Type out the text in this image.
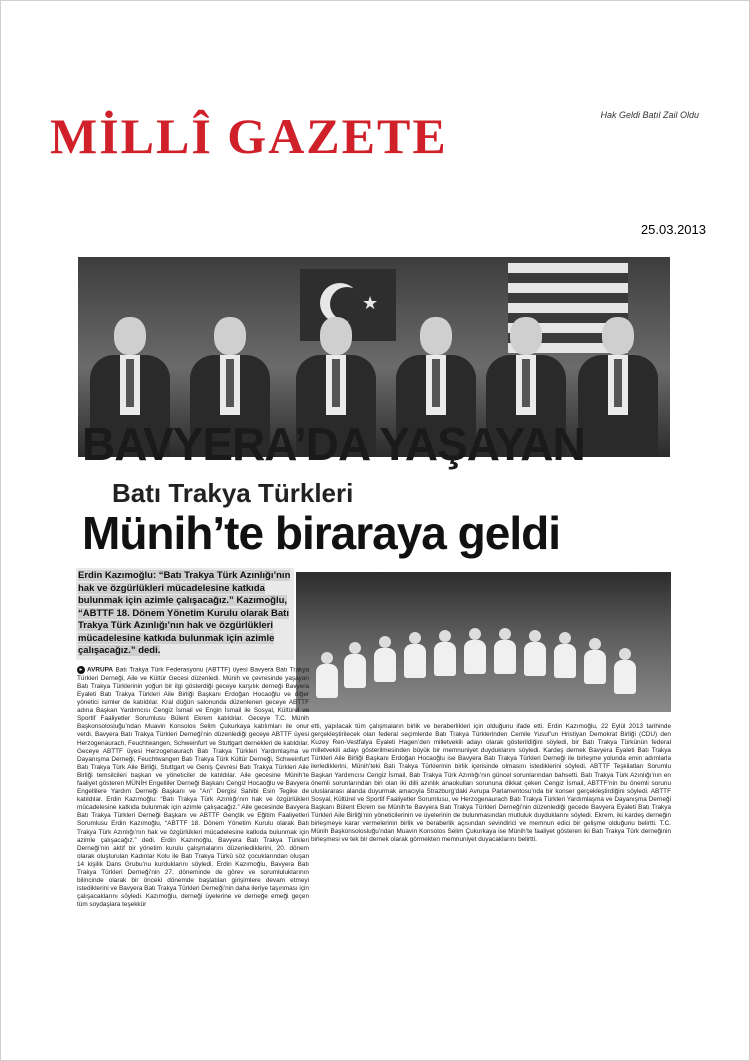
MİLLÎ GAZETE	Hak Geldi Batıl Zail Oldu
25.03.2013
★
BAVYERA’DA YAŞAYAN
Batı Trakya Türkleri
Münih’te biraraya geldi
Erdin Kazımoğlu: “Batı Trakya Türk Azınlığı’nın hak ve özgürlükleri mücadelesine katkıda bulunmak için azimle çalışacağız.” Kazımoğlu, “ABTTF 18. Dönem Yönetim Kurulu olarak Batı Trakya Türk Azınlığı’nın hak ve özgürlükleri mücadelesine katkıda bulunmak için azimle çalışacağız.” dedi.
▸ AVRUPA Batı Trakya Türk Federasyonu (ABTTF) üyesi Bavyera Batı Trakya Türkleri Derneği, Aile ve Kültür Gecesi düzenledi. Münih ve çevresinde yaşayan Batı Trakya Türklerinin yoğun bir ilgi gösterdiği geceye karşılık derneği Bavyera Eyaleti Batı Trakya Türkleri Aile Birliği Başkanı Erdoğan Hocaoğlu ve diğer yönetici isimler de katıldılar. Kral düğün salonunda düzenlenen geceye ABTTF adına Başkan Yardımcısı Cengiz İsmail ve Engin İsmail ile Sosyal, Kültürel ve Sportif Faaliyetler Sorumlusu Bülent Ekrem katıldılar. Geceye T.C. Münih Başkonsolosluğu’ndan Muavin Konsolos Selim Çukurkaya katılımları ile onur verdi. Bavyera Batı Trakya Türkleri Derneği’nin düzenlediği geceye ABTTF üyesi Herzogenaurach, Feuchtwangen, Schweinfurt ve Stuttgart dernekleri de katıldılar. Geceye ABTTF üyesi Herzogenaurach Batı Trakya Türkleri Yardımlaşma ve Dayanışma Derneği, Feuchtwangen Batı Trakya Türk Kültür Derneği, Schweinfurt Batı Trakya Türk Aile Birliği, Stuttgart ve Geniş Çevresi Batı Trakya Türkleri Aile Birliği temsilcileri başkan ve yöneticiler de katıldılar. Aile gecesine Münih’te faaliyet gösteren MÜNİH Engelliler Derneği Başkanı Cengiz Hocaoğlu ve Bavyera Engellilere Yardım Derneği Başkanı ve “Arı” Dergisi Sahibi Esin Tegike de katıldılar. Erdin Kazımoğlu: “Batı Trakya Türk Azınlığı’nın hak ve özgürlükleri mücadelesine katkıda bulunmak için azimle çalışacağız.” Aile gecesinde Bavyera Batı Trakya Türkleri Derneği Başkanı ve ABTTF Gençlik ve Eğitim Faaliyetleri Sorumlusu Erdin Kazımoğlu, “ABTTF 18. Dönem Yönetim Kurulu olarak Batı Trakya Türk Azınlığı’nın hak ve özgürlükleri mücadelesine katkıda bulunmak için azimle çalışacağız.” dedi. Erdin Kazımoğlu, Bavyera Batı Trakya Türkleri Derneği’nin aktif bir yönetim kurulu çalışmalarını düzenlediklerini, 20. dönem olarak oluşturulan Kadınlar Kolu ile Batı Trakya Türkü söz çocuklarından oluşan 14 kişilik Dans Grubu’nu kurduklarını söyledi. Erdin Kazımoğlu, Bavyera Batı Trakya Türkleri Derneği’nin 27. döneminde de görev ve sorumluluklarının bilincinde olarak bir önceki dönemde başlatılan girişimlere devam etmeyi istediklerini ve Bavyera Batı Trakya Türkleri Derneği’nin daha ileriye taşınması için çalışacaklarını söyledi. Kazımoğlu, derneği üyelerine ve derneğe emeği geçen tüm soydaşlara teşekkür
etti, yapılacak tüm çalışmaların birlik ve beraberlikleri için olduğunu ifade etti. Erdin Kazımoğlu, 22 Eylül 2013 tarihinde gerçekleştirilecek olan federal seçimlerde Batı Trakya Türklerinden Cemile Yusuf’un Hristiyan Demokrat Birliği (CDU) den Kuzey Ren-Vestfalya Eyaleti Hagen’den milletvekili adayı olarak gösterildiğini söyledi, bir Batı Trakya Türkünün federal milletvekili adayı gösterilmesinden büyük bir memnuniyet duyduklarını söyledi. Kardeş dernek Bavyera Eyaleti Batı Trakya Türkleri Aile Birliği Başkanı Erdoğan Hocaoğlu ise Bavyera Batı Trakya Türkleri Derneği ile birleşme yolunda emin adımlarla ilerlediklerini, Münih’teki Batı Trakya Türklerinin birlik içerisinde olmasını istediklerini söyledi. ABTTF Teşkilatları Sorumlu Başkan Yardımcısı Cengiz İsmail, Batı Trakya Türk Azınlığı’nın güncel sorunlarından bahsetti. Batı Trakya Türk Azınlığı’nın en önemli sorunlarından biri olan iki dilli azınlık anaokulları sorununa dikkat çeken Cengiz İsmail, ABTTF’nin bu önemli sorunu uluslararası alanda duyurmak amacıyla Strazburg’daki Avrupa Parlamentosu’nda bir konser gerçekleştirdiğini söyledi. ABTTF Sosyal, Kültürel ve Sportif Faaliyetler Sorumlusu, ve Herzogenaurach Batı Trakya Türkleri Yardımlaşma ve Dayanışma Derneği Başkanı Bülent Ekrem ise Münih’te Bavyera Batı Trakya Türkleri Derneği’nin düzenlediği gecede Bavyera Eyaleti Batı Trakya Türkleri Aile Birliği’nin yöneticilerinin ve üyelerinin de bulunmasından mutluluk duyduklarını söyledi. Ekrem, iki kardeş derneğin birleşmeye karar vermelerinin birlik ve beraberlik açısından sevindirici ve memnun edici bir gelişme olduğunu belirtti. T.C. Münih Başkonsolosluğu’ndan Muavin Konsolos Selim Çukurkaya ise Münih’te faaliyet gösteren iki Batı Trakya Türk derneğinin birleşmesi ve tek bir dernek olarak görmekten memnuniyet duyacaklarını belirtti.
